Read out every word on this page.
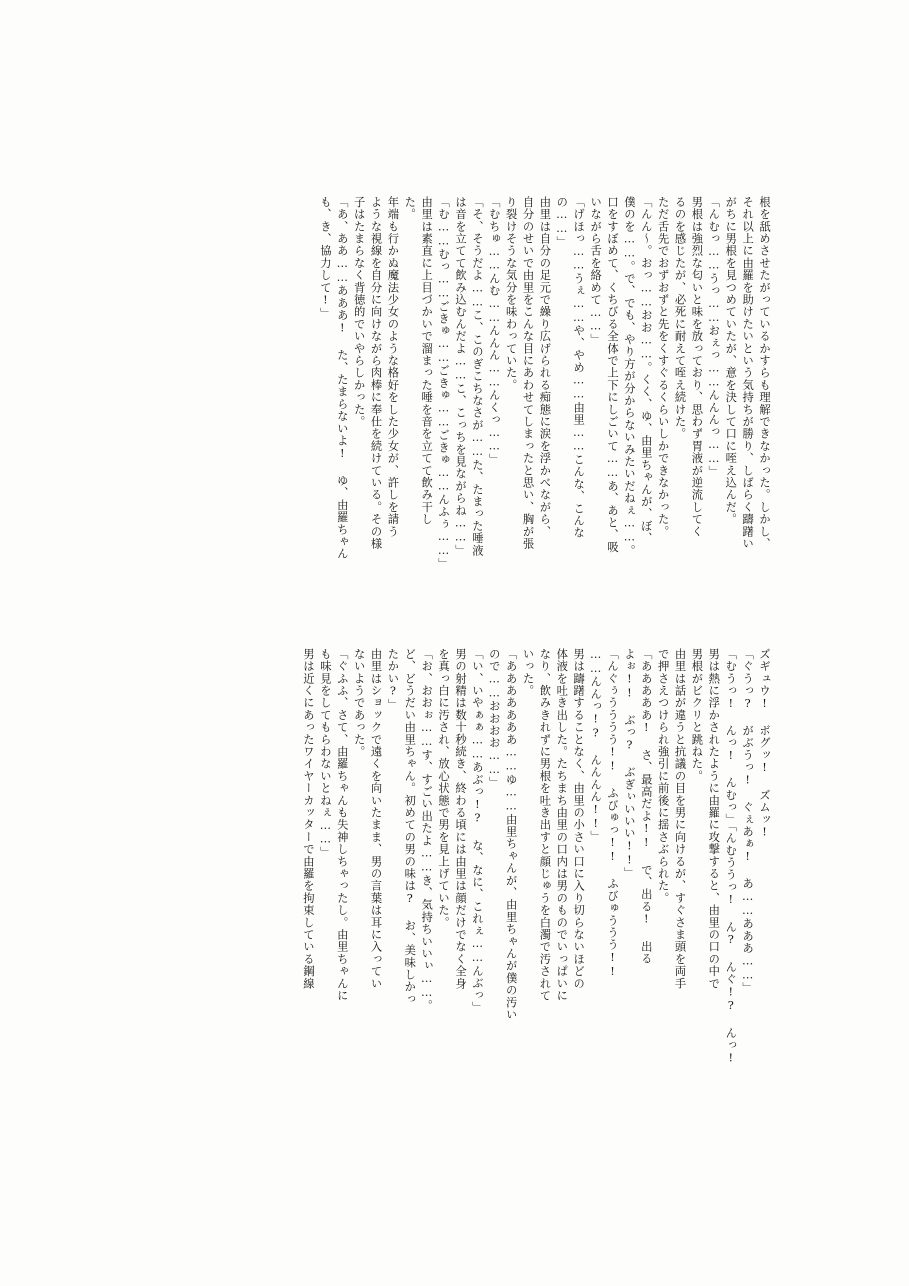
根を舐めさせたがっているかすらも理解できなかった。しかし、
それ以上に由羅を助けたいという気持ちが勝り、しばらく躊躇い
がちに男根を見つめていたが、意を決して口に咥え込んだ。
「んむっ……うっ……おぇっ……んんんっ……」
男根は強烈な匂いと味を放っており、思わず胃液が逆流してく
るのを感じたが、必死に耐えて咥え続けた。
ただ舌先でおずおずと先をくすぐるくらいしかできなかった。
「んん〜。おっ……おお……。くく、ゆ、由里ちゃんが、ぼ、
僕のを……。で、でも、やり方が分からないみたいだねぇ……。
口をすぼめて、くちびる全体で上下にしごいて……あ、あと、吸
いながら舌を絡めて……」
「げほっ……うぇ……や、やめ……由里……こんな、こんな
の……」
由里は自分の足元で繰り広げられる痴態に涙を浮かべながら、
自分のせいで由里をこんな目にあわせてしまったと思い、胸が張
り裂けそうな気分を味わっていた。
「むちゅ……んむ……んんん……んくっ……」
「そ、そうだよ……こ、このぎこちなさが……た、たまった唾液
は音を立てて飲み込むんだよ……こ、こっちを見ながらね……」
「む……むっ……ごきゅ……ごきゅ……ごきゅ……んふぅ……」
由里は素直に上目づかいで溜まった唾を音を立てて飲み干し
た。
年端も行かぬ魔法少女のような格好をした少女が、許しを請う
ような視線を自分に向けながら肉棒に奉仕を続けている。その様
子はたまらなく背徳的でいやらしかった。
「あ、ああ……あああ! た、たまらないよ! ゆ、由羅ちゃん
も、き、協力して!」
ズギュウ! ボグッ! ズムッ!
「ぐうっ? がぶうっ! ぐぇあぁ! あ……あああ……」
「むうっ! んっ! んむっ」「んむううっ! ん? んぐ!? んっ!
男は熱に浮かされたように由羅に攻撃すると、由里の口の中で
男根がビクリと跳ねた。
由里は話が違うと抗議の目を男に向けるが、すぐさま頭を両手
で押さえつけられ強引に前後に揺さぶられた。
「あああああ! さ、最高だよ!! で、出る! 出る
よぉ!! ぶっ? ぶぎぃいいい!!」
「んぐぅうううう!! ふびゅっ!! ふびゅううう!!
……んんっ!? んんんん!!」
男は躊躇することなく、由里の小さい口に入り切らないほどの
体液を吐き出した。たちまち由里の口内は男のものでいっぱいに
なり、飲みきれずに男根を吐き出すと顔じゅうを白濁で汚されて
いった。
「あああああああ……ゆ……由里ちゃんが、由里ちゃんが僕の汚い
ので……おおおお……」
「い、いやぁぁ……あぶっ!? な、なに、これぇ……んぶっ」
男の射精は数十秒続き、終わる頃には由里は顔だけでなく全身
を真っ白に汚され、放心状態で男を見上げていた。
「お、おおぉ……す、すごい出たよ……き、気持ちいいぃ……。
ど、どうだい由里ちゃん。初めての男の味は? お、美味しかっ
たかい?」
由里はショックで遠くを向いたまま、男の言葉は耳に入ってい
ないようであった。
「ぐふふ、さて、由羅ちゃんも失神しちゃったし。由里ちゃんに
も味見をしてもらわないとねぇ……」
男は近くにあったワイヤーカッターで由羅を拘束している鋼線
